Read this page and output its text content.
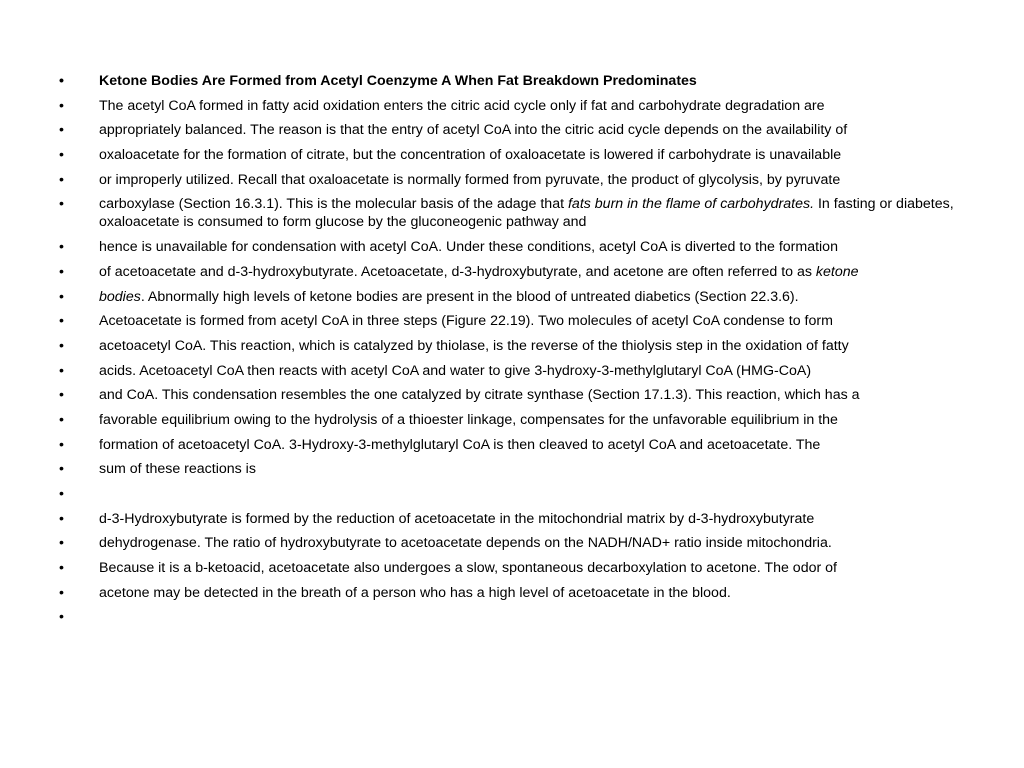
• Ketone Bodies Are Formed from Acetyl Coenzyme A When Fat Breakdown Predominates
• The acetyl CoA formed in fatty acid oxidation enters the citric acid cycle only if fat and carbohydrate degradation are
• appropriately balanced. The reason is that the entry of acetyl CoA into the citric acid cycle depends on the availability of
• oxaloacetate for the formation of citrate, but the concentration of oxaloacetate is lowered if carbohydrate is unavailable
• or improperly utilized. Recall that oxaloacetate is normally formed from pyruvate, the product of glycolysis, by pyruvate
• carboxylase (Section 16.3.1). This is the molecular basis of the adage that fats burn in the flame of carbohydrates. In fasting or diabetes, oxaloacetate is consumed to form glucose by the gluconeogenic pathway and
• hence is unavailable for condensation with acetyl CoA. Under these conditions, acetyl CoA is diverted to the formation
• of acetoacetate and d-3-hydroxybutyrate. Acetoacetate, d-3-hydroxybutyrate, and acetone are often referred to as ketone
• bodies. Abnormally high levels of ketone bodies are present in the blood of untreated diabetics (Section 22.3.6).
• Acetoacetate is formed from acetyl CoA in three steps (Figure 22.19). Two molecules of acetyl CoA condense to form
• acetoacetyl CoA. This reaction, which is catalyzed by thiolase, is the reverse of the thiolysis step in the oxidation of fatty
• acids. Acetoacetyl CoA then reacts with acetyl CoA and water to give 3-hydroxy-3-methylglutaryl CoA (HMG-CoA)
• and CoA. This condensation resembles the one catalyzed by citrate synthase (Section 17.1.3). This reaction, which has a
• favorable equilibrium owing to the hydrolysis of a thioester linkage, compensates for the unfavorable equilibrium in the
• formation of acetoacetyl CoA. 3-Hydroxy-3-methylglutaryl CoA is then cleaved to acetyl CoA and acetoacetate. The
• sum of these reactions is
•
• d-3-Hydroxybutyrate is formed by the reduction of acetoacetate in the mitochondrial matrix by d-3-hydroxybutyrate
• dehydrogenase. The ratio of hydroxybutyrate to acetoacetate depends on the NADH/NAD+ ratio inside mitochondria.
• Because it is a b-ketoacid, acetoacetate also undergoes a slow, spontaneous decarboxylation to acetone. The odor of
• acetone may be detected in the breath of a person who has a high level of acetoacetate in the blood.
•
